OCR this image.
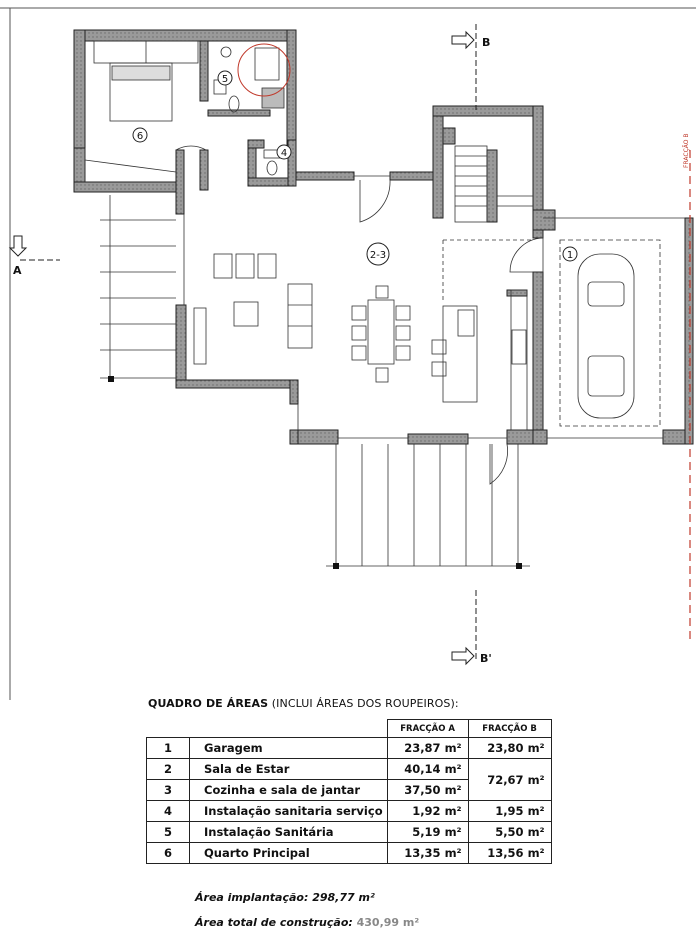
6
5
4
2-3	1
A
B
B'
FRACÇÃO B
QUADRO DE ÁREAS (INCLUI ÁREAS DOS ROUPEIROS):
		FRACÇÃO A	FRACÇÃO B
1	Garagem	23,87 m²	23,80 m²
2	Sala de Estar	40,14 m²	72,67 m²
3	Cozinha e sala de jantar	37,50 m²	
4	Instalação sanitaria serviço	1,92 m²	1,95 m²
5	Instalação Sanitária	5,19 m²	5,50 m²
6	Quarto Principal	13,35 m²	13,56 m²
Área implantação: 298,77 m²
Área total de construção: 430,99 m²
